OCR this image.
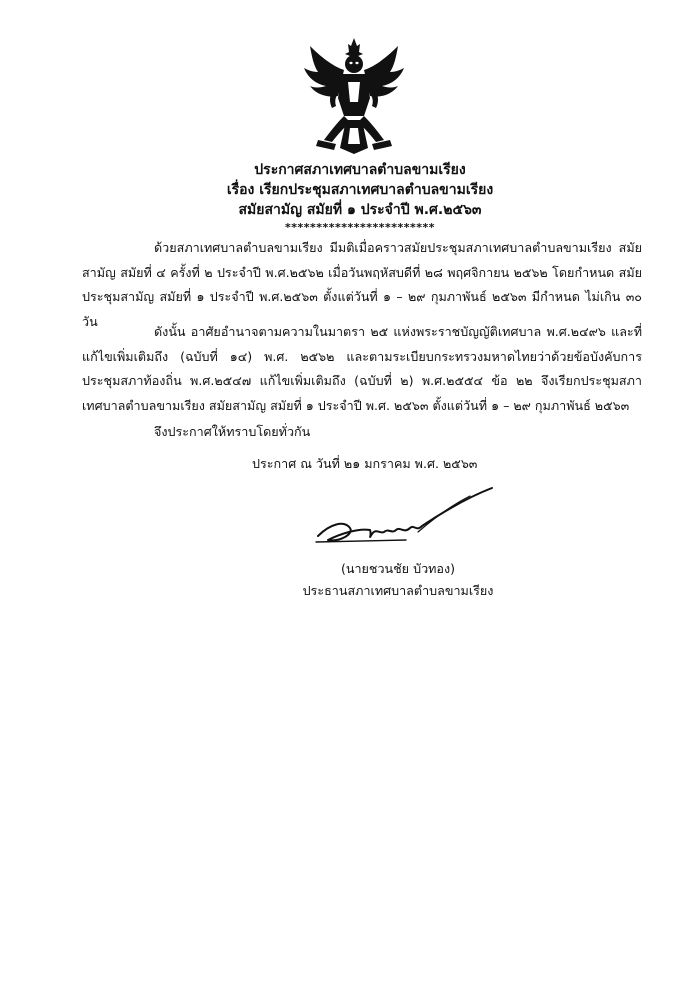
ประกาศสภาเทศบาลตำบลขามเรียง
เรื่อง เรียกประชุมสภาเทศบาลตำบลขามเรียง
สมัยสามัญ สมัยที่ ๑ ประจำปี พ.ศ.๒๕๖๓
************************

ด้วยสภาเทศบาลตำบลขามเรียง มีมติเมื่อคราวสมัยประชุมสภาเทศบาลตำบลขามเรียง สมัยสามัญ สมัยที่ ๔ ครั้งที่ ๒ ประจำปี พ.ศ.๒๕๖๒ เมื่อวันพฤหัสบดีที่ ๒๘ พฤศจิกายน ๒๕๖๒ โดยกำหนด สมัยประชุมสามัญ สมัยที่ ๑ ประจำปี พ.ศ.๒๕๖๓ ตั้งแต่วันที่ ๑ – ๒๙ กุมภาพันธ์ ๒๕๖๓ มีกำหนด ไม่เกิน ๓๐ วัน

ดังนั้น อาศัยอำนาจตามความในมาตรา ๒๕ แห่งพระราชบัญญัติเทศบาล พ.ศ.๒๔๙๖ และที่แก้ไขเพิ่มเติมถึง (ฉบับที่ ๑๔) พ.ศ. ๒๕๖๒ และตามระเบียบกระทรวงมหาดไทยว่าด้วยข้อบังคับการ ประชุมสภาท้องถิ่น พ.ศ.๒๕๔๗ แก้ไขเพิ่มเติมถึง (ฉบับที่ ๒) พ.ศ.๒๕๕๔ ข้อ ๒๒ จึงเรียกประชุมสภาเทศบาลตำบลขามเรียง สมัยสามัญ สมัยที่ ๑ ประจำปี พ.ศ. ๒๕๖๓ ตั้งแต่วันที่ ๑ – ๒๙ กุมภาพันธ์ ๒๕๖๓

จึงประกาศให้ทราบโดยทั่วกัน

ประกาศ ณ วันที่ ๒๑ มกราคม พ.ศ. ๒๕๖๓
(นายชวนชัย บัวทอง)
ประธานสภาเทศบาลตำบลขามเรียง
